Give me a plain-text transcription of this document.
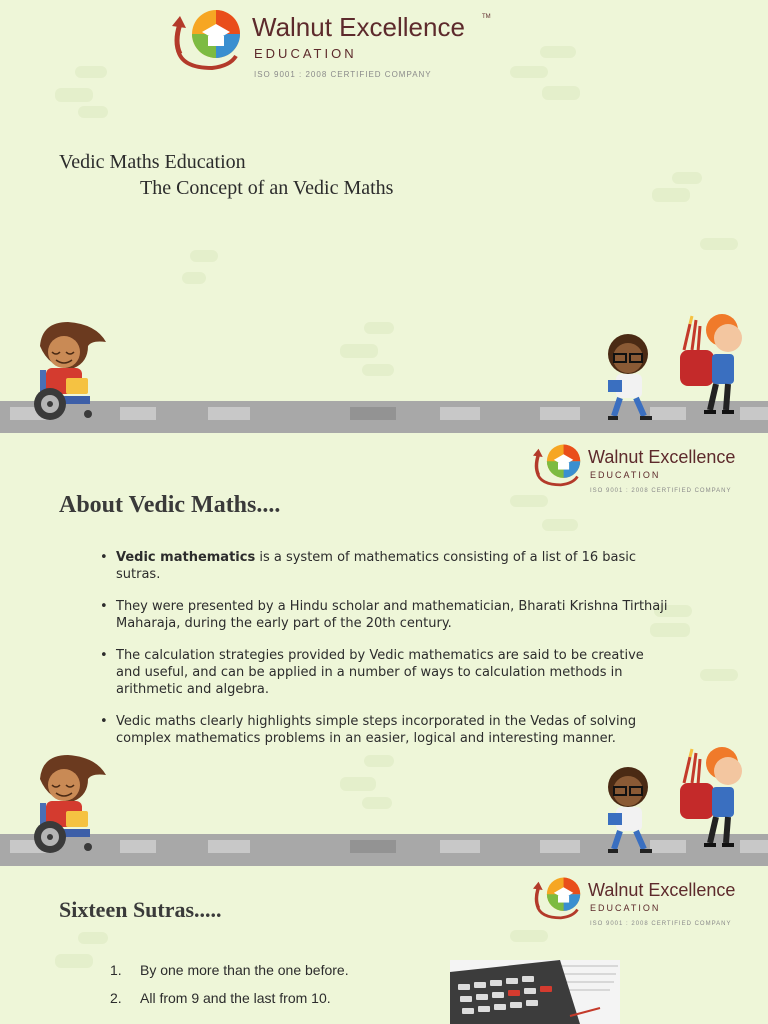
Walnut Excellence	TM
EDUCATION
ISO 9001 : 2008 CERTIFIED COMPANY
Vedic Maths Education
The Concept of an Vedic Maths
Walnut Excellence
EDUCATION
ISO 9001 : 2008 CERTIFIED COMPANY
About Vedic Maths....
• Vedic mathematics is a system of mathematics consisting of a list of 16 basic sutras.
• They were presented by a Hindu scholar and mathematician, Bharati Krishna Tirthaji Maharaja, during the early part of the 20th century.
• The calculation strategies provided by Vedic mathematics are said to be creative and useful, and can be applied in a number of ways to calculation methods in arithmetic and algebra.
• Vedic maths clearly highlights simple steps incorporated in the Vedas of solving complex mathematics problems in an easier, logical and interesting manner.
Walnut Excellence
EDUCATION
ISO 9001 : 2008 CERTIFIED COMPANY
Sixteen Sutras.....
1.	By one more than the one before.
2.	All from 9 and the last from 10.
